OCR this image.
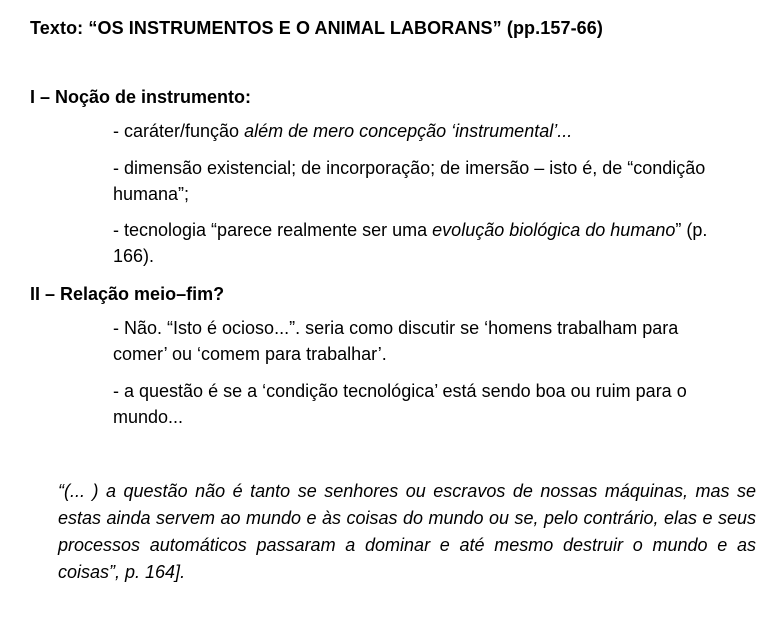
Texto: “OS INSTRUMENTOS E O ANIMAL LABORANS” (pp.157-66)
I – Noção de instrumento:
- caráter/função além de mero concepção ‘instrumental’...
- dimensão existencial; de incorporação; de imersão – isto é, de “condição humana”;
- tecnologia “parece realmente ser uma evolução biológica do humano” (p. 166).
II – Relação meio–fim?
- Não. “Isto é ocioso...”. seria como discutir se ‘homens trabalham para comer’ ou ‘comem para trabalhar’.
- a questão é se a ‘condição tecnológica’ está sendo boa ou ruim para o mundo...
“(... ) a questão não é tanto se senhores ou escravos de nossas máquinas, mas se estas ainda servem ao mundo e às coisas do mundo ou se, pelo contrário, elas e seus processos automáticos passaram a dominar e até mesmo destruir o mundo e as coisas”, p. 164].
